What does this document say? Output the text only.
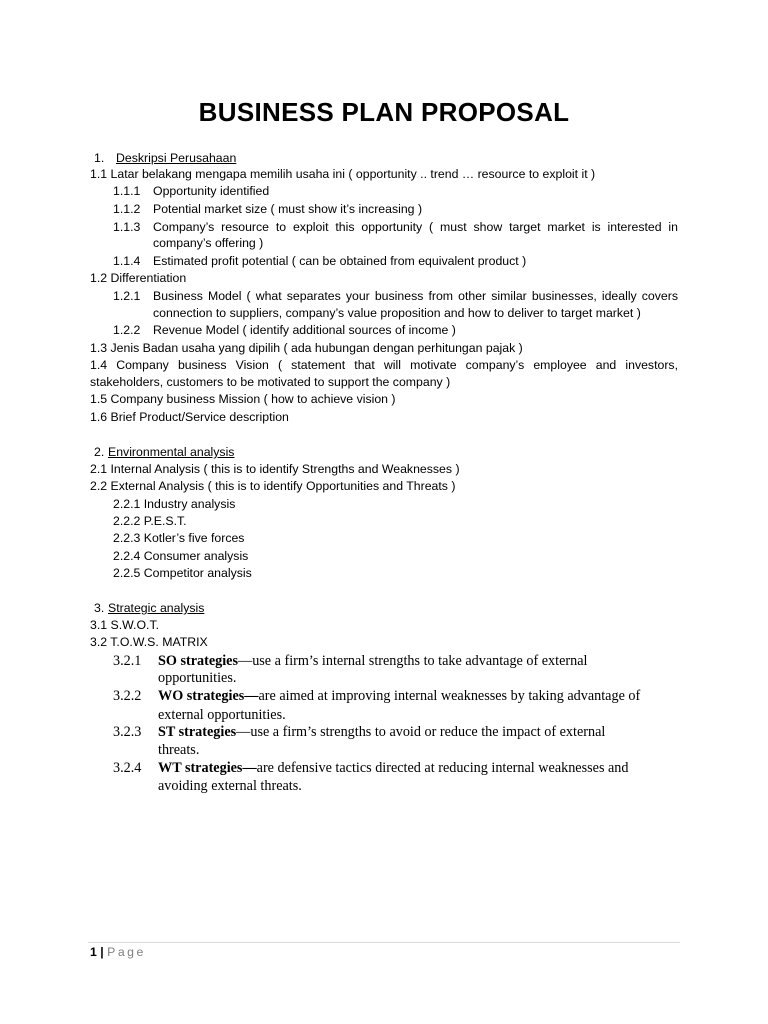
BUSINESS PLAN PROPOSAL
1. Deskripsi Perusahaan
1.1 Latar belakang mengapa memilih usaha ini ( opportunity .. trend … resource to exploit it )
1.1.1 Opportunity identified
1.1.2 Potential market size ( must show it’s increasing )
1.1.3 Company’s resource to exploit this opportunity ( must show target market is interested in
company’s offering )
1.1.4 Estimated profit potential ( can be obtained from equivalent product )
1.2 Differentiation
1.2.1 Business Model ( what separates your business from other similar businesses, ideally covers
connection to suppliers, company’s value proposition and how to deliver to target market )
1.2.2 Revenue Model ( identify additional sources of income )
1.3 Jenis Badan usaha yang dipilih ( ada hubungan dengan perhitungan pajak )
1.4 Company business Vision ( statement that will motivate company’s employee and investors,
stakeholders, customers to be motivated to support the company )
1.5 Company business Mission ( how to achieve vision )
1.6 Brief Product/Service description
2. Environmental analysis
2.1 Internal Analysis ( this is to identify Strengths and Weaknesses )
2.2 External Analysis ( this is to identify Opportunities and Threats )
2.2.1 Industry analysis
2.2.2 P.E.S.T.
2.2.3 Kotler’s five forces
2.2.4 Consumer analysis
2.2.5 Competitor analysis
3. Strategic analysis
3.1 S.W.O.T.
3.2 T.O.W.S. MATRIX
3.2.1 SO strategies—use a firm’s internal strengths to take advantage of external
opportunities.
3.2.2 WO strategies—are aimed at improving internal weaknesses by taking advantage of
external opportunities.
3.2.3 ST strategies—use a firm’s strengths to avoid or reduce the impact of external
threats.
3.2.4 WT strategies—are defensive tactics directed at reducing internal weaknesses and
avoiding external threats.
1 | Page
